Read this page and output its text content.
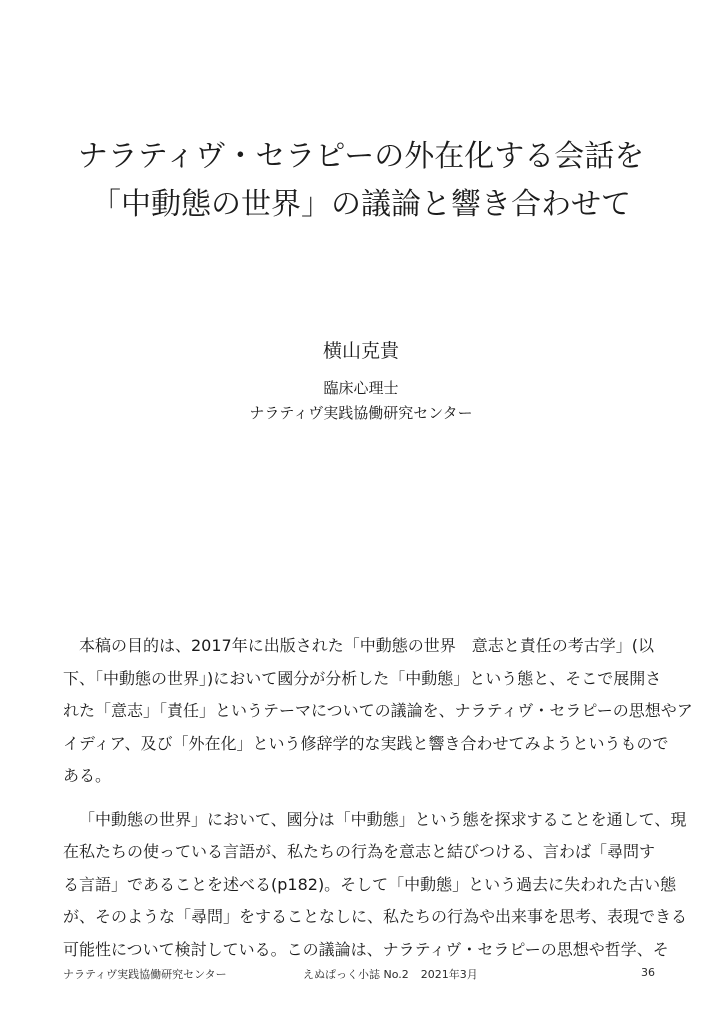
ナラティヴ・セラピーの外在化する会話を
「中動態の世界」の議論と響き合わせて
横山克貴
臨床心理士
ナラティヴ実践協働研究センター

本稿の目的は、2017年に出版された「中動態の世界　意志と責任の考古学」(以
下、「中動態の世界」)において國分が分析した「中動態」という態と、そこで展開さ
れた「意志」「責任」というテーマについての議論を、ナラティヴ・セラピーの思想やア
イディア、及び「外在化」という修辞学的な実践と響き合わせてみようというもので
ある。

「中動態の世界」において、國分は「中動態」という態を探求することを通して、現
在私たちの使っている言語が、私たちの行為を意志と結びつける、言わば「尋問す
る言語」であることを述べる(p182)。そして「中動態」という過去に失われた古い態
が、そのような「尋問」をすることなしに、私たちの行為や出来事を思考、表現できる
可能性について検討している。この議論は、ナラティヴ・セラピーの思想や哲学、そ

ナラティヴ実践協働研究センター	えぬぱっく小誌 No.2 2021年3月	36
